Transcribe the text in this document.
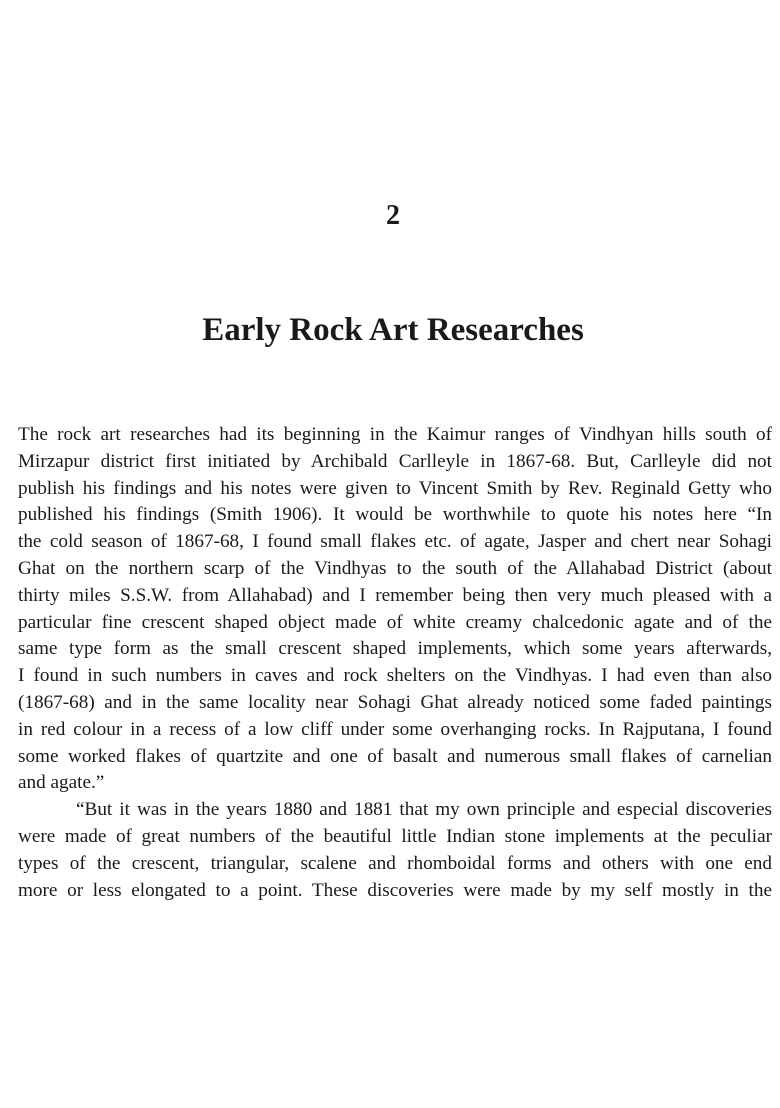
2
Early Rock Art Researches
The rock art researches had its beginning in the Kaimur ranges of Vindhyan hills south of
Mirzapur district first initiated by Archibald Carlleyle in 1867-68. But, Carlleyle did not
publish his findings and his notes were given to Vincent Smith by Rev. Reginald Getty who
published his findings (Smith 1906). It would be worthwhile to quote his notes here “In
the cold season of 1867-68, I found small flakes etc. of agate, Jasper and chert near Sohagi
Ghat on the northern scarp of the Vindhyas to the south of the Allahabad District (about
thirty miles S.S.W. from Allahabad) and I remember being then very much pleased with a
particular fine crescent shaped object made of white creamy chalcedonic agate and of the
same type form as the small crescent shaped implements, which some years afterwards,
I found in such numbers in caves and rock shelters on the Vindhyas. I had even than also
(1867-68) and in the same locality near Sohagi Ghat already noticed some faded paintings
in red colour in a recess of a low cliff under some overhanging rocks. In Rajputana, I found
some worked flakes of quartzite and one of basalt and numerous small flakes of carnelian
and agate.”
“But it was in the years 1880 and 1881 that my own principle and especial discoveries
were made of great numbers of the beautiful little Indian stone implements at the peculiar
types of the crescent, triangular, scalene and rhomboidal forms and others with one end
more or less elongated to a point. These discoveries were made by my self mostly in the
